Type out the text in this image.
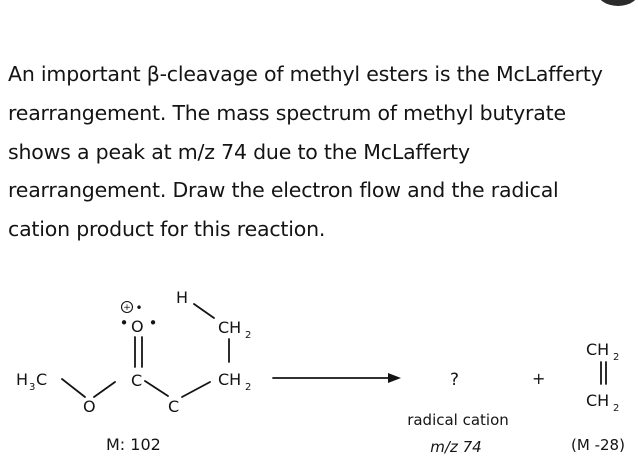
An important β-cleavage of methyl esters is the McLafferty
rearrangement. The mass spectrum of methyl butyrate
shows a peak at m/z 74 due to the McLafferty
rearrangement. Draw the electron flow and the radical
cation product for this reaction.
+
• •
•
H 3 C
O
C
O
C
H
CH 2
CH 2
M: 102
?
radical cation
m/z 74
+
CH 2
CH 2
(M -28)
